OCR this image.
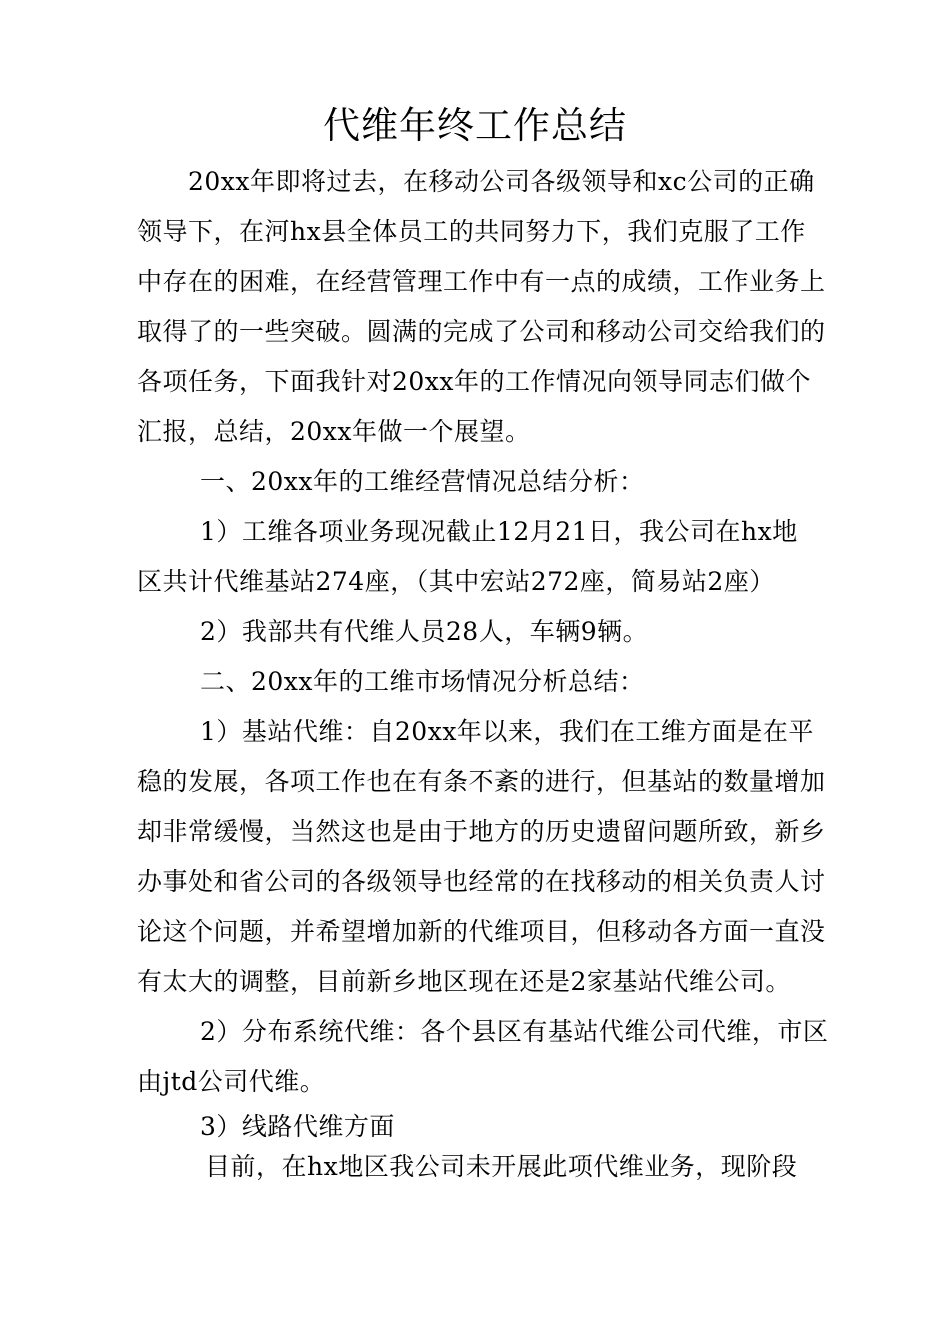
代维年终工作总结
20xx年即将过去，在移动公司各级领导和xc公司的正确
领导下，在河hx县全体员工的共同努力下，我们克服了工作
中存在的困难，在经营管理工作中有一点的成绩，工作业务上
取得了的一些突破。圆满的完成了公司和移动公司交给我们的
各项任务，下面我针对20xx年的工作情况向领导同志们做个
汇报，总结，20xx年做一个展望。
一、20xx年的工维经营情况总结分析：
1）工维各项业务现况截止12月21日，我公司在hx地
区共计代维基站274座，（其中宏站272座，简易站2座）
2）我部共有代维人员28人，车辆9辆。
二、20xx年的工维市场情况分析总结：
1）基站代维：自20xx年以来，我们在工维方面是在平
稳的发展，各项工作也在有条不紊的进行，但基站的数量增加
却非常缓慢，当然这也是由于地方的历史遗留问题所致，新乡
办事处和省公司的各级领导也经常的在找移动的相关负责人讨
论这个问题，并希望增加新的代维项目，但移动各方面一直没
有太大的调整，目前新乡地区现在还是2家基站代维公司。
2）分布系统代维：各个县区有基站代维公司代维，市区
由jtd公司代维。
3）线路代维方面
目前，在hx地区我公司未开展此项代维业务，现阶段
